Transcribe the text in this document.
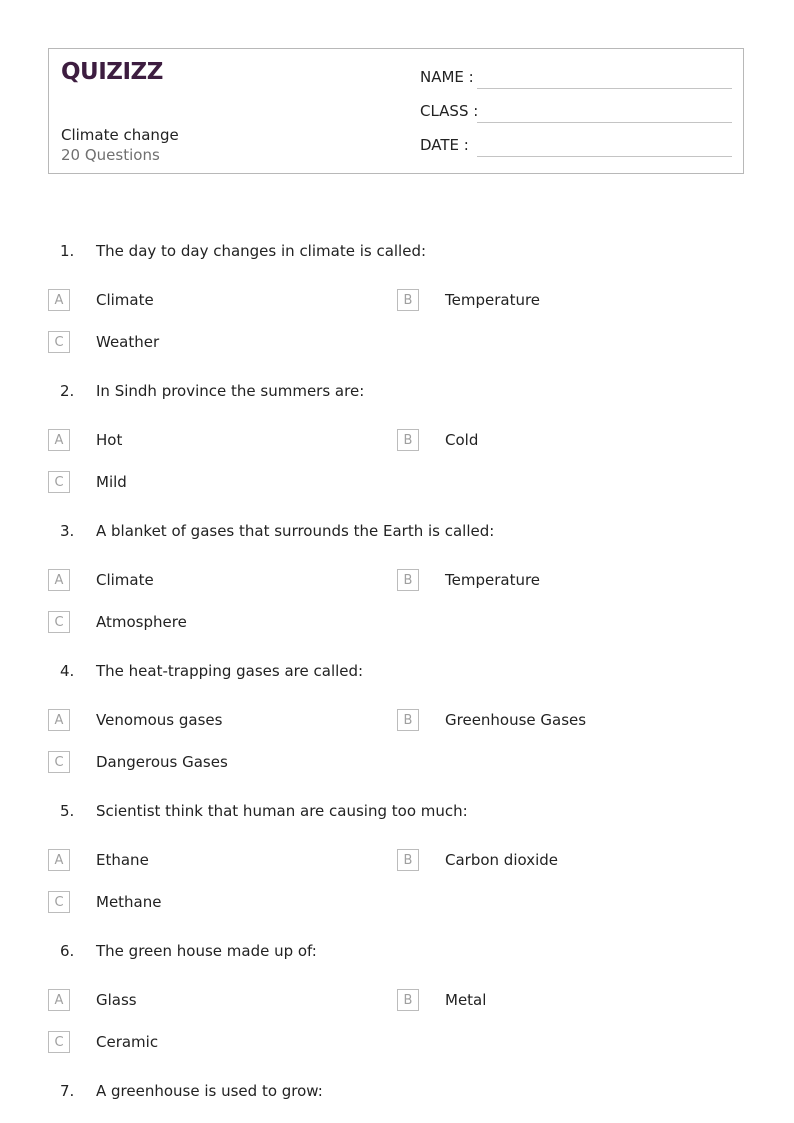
QUIZIZZ
Climate change
20 Questions
NAME :
CLASS :
DATE :
1. The day to day changes in climate is called:
A	Climate	B	Temperature
C	Weather
2. In Sindh province the summers are:
A	Hot	B	Cold
C	Mild
3. A blanket of gases that surrounds the Earth is called:
A	Climate	B	Temperature
C	Atmosphere
4. The heat-trapping gases are called:
A	Venomous gases	B	Greenhouse Gases
C	Dangerous Gases
5. Scientist think that human are causing too much:
A	Ethane	B	Carbon dioxide
C	Methane
6. The green house made up of:
A	Glass	B	Metal
C	Ceramic
7. A greenhouse is used to grow:
